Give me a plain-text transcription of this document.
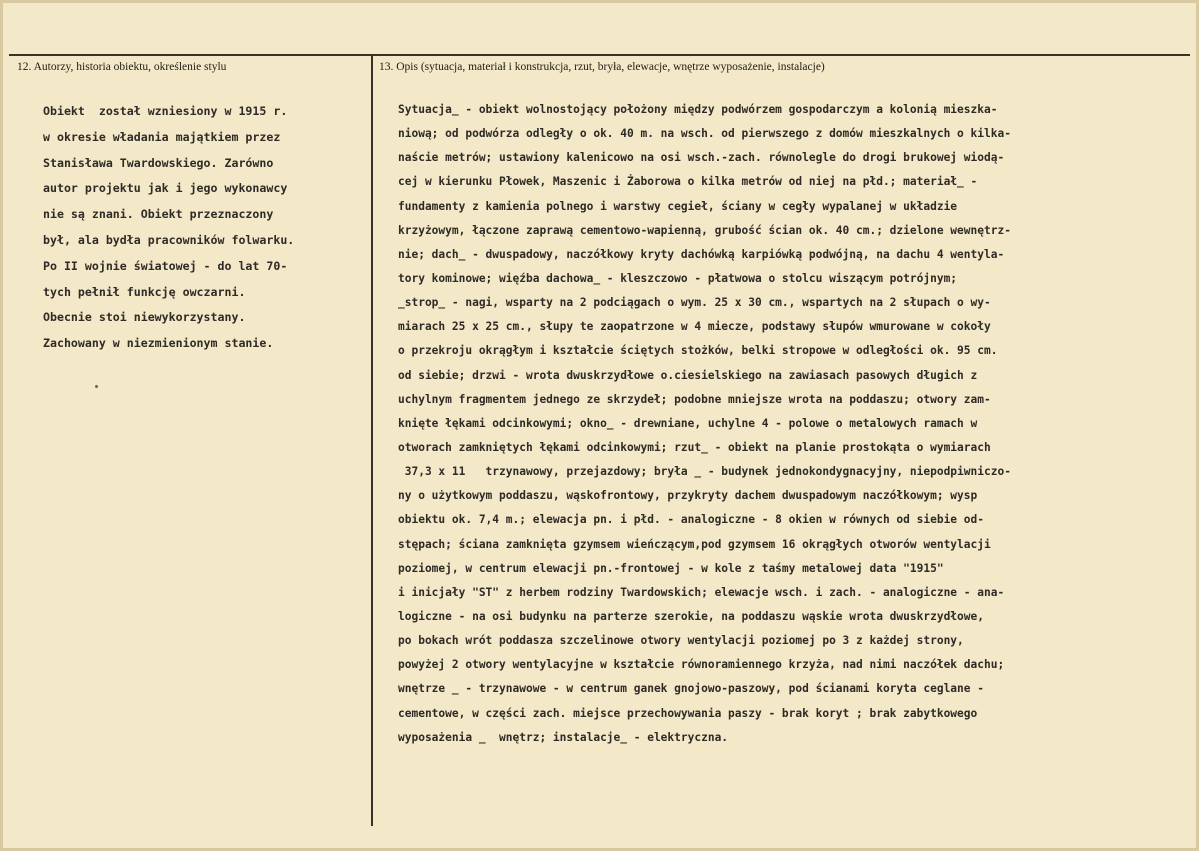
12. Autorzy, historia obiektu, określenie stylu	13. Opis (sytuacja, materiał i konstrukcja, rzut, bryła, elewacje, wnętrze wyposażenie, instalacje)
Obiekt  został wzniesiony w 1915 r.
w okresie władania majątkiem przez
Stanisława Twardowskiego. Zarówno
autor projektu jak i jego wykonawcy
nie są znani. Obiekt przeznaczony
był, ala bydła pracowników folwarku.
Po II wojnie światowej - do lat 70-
tych pełnił funkcję owczarni.
Obecnie stoi niewykorzystany.
Zachowany w niezmienionym stanie.
Sytuacja_ - obiekt wolnostojący położony między podwórzem gospodarczym a kolonią mieszka-
niową; od podwórza odległy o ok. 40 m. na wsch. od pierwszego z domów mieszkalnych o kilka-
naście metrów; ustawiony kalenicowo na osi wsch.-zach. równolegle do drogi brukowej wiodą-
cej w kierunku Płowek, Maszenic i Żaborowa o kilka metrów od niej na płd.; materiał_ -
fundamenty z kamienia polnego i warstwy cegieł, ściany w cegły wypalanej w układzie
krzyżowym, łączone zaprawą cementowo-wapienną, grubość ścian ok. 40 cm.; dzielone wewnętrz-
nie; dach_ - dwuspadowy, naczółkowy kryty dachówką karpiówką podwójną, na dachu 4 wentyla-
tory kominowe; więźba dachowa_ - kleszczowo - płatwowa o stolcu wiszącym potrójnym;
_strop_ - nagi, wsparty na 2 podciągach o wym. 25 x 30 cm., wspartych na 2 słupach o wy-
miarach 25 x 25 cm., słupy te zaopatrzone w 4 miecze, podstawy słupów wmurowane w cokoły
o przekroju okrągłym i kształcie ściętych stożków, belki stropowe w odległości ok. 95 cm.
od siebie; drzwi - wrota dwuskrzydłowe o.ciesielskiego na zawiasach pasowych długich z
uchylnym fragmentem jednego ze skrzydeł; podobne mniejsze wrota na poddaszu; otwory zam-
knięte łękami odcinkowymi; okno_ - drewniane, uchylne 4 - polowe o metalowych ramach w
otworach zamkniętych łękami odcinkowymi; rzut_ - obiekt na planie prostokąta o wymiarach
37,3 x 11   trzynawowy, przejazdowy; bryła _ - budynek jednokondygnacyjny, niepodpiwniczo-
ny o użytkowym poddaszu, wąskofrontowy, przykryty dachem dwuspadowym naczółkowym; wysp
obiektu ok. 7,4 m.; elewacja pn. i płd. - analogiczne - 8 okien w równych od siebie od-
stępach; ściana zamknięta gzymsem wieńczącym,pod gzymsem 16 okrągłych otworów wentylacji
poziomej, w centrum elewacji pn.-frontowej - w kole z taśmy metalowej data "1915"
i inicjały "ST" z herbem rodziny Twardowskich; elewacje wsch. i zach. - analogiczne - ana-
logiczne - na osi budynku na parterze szerokie, na poddaszu wąskie wrota dwuskrzydłowe,
po bokach wrót poddasza szczelinowe otwory wentylacji poziomej po 3 z każdej strony,
powyżej 2 otwory wentylacyjne w kształcie równoramiennego krzyża, nad nimi naczółek dachu;
wnętrze _ - trzynawowe - w centrum ganek gnojowo-paszowy, pod ścianami koryta ceglane -
cementowe, w części zach. miejsce przechowywania paszy - brak koryt ; brak zabytkowego
wyposażenia _  wnętrz; instalacje_ - elektryczna.
